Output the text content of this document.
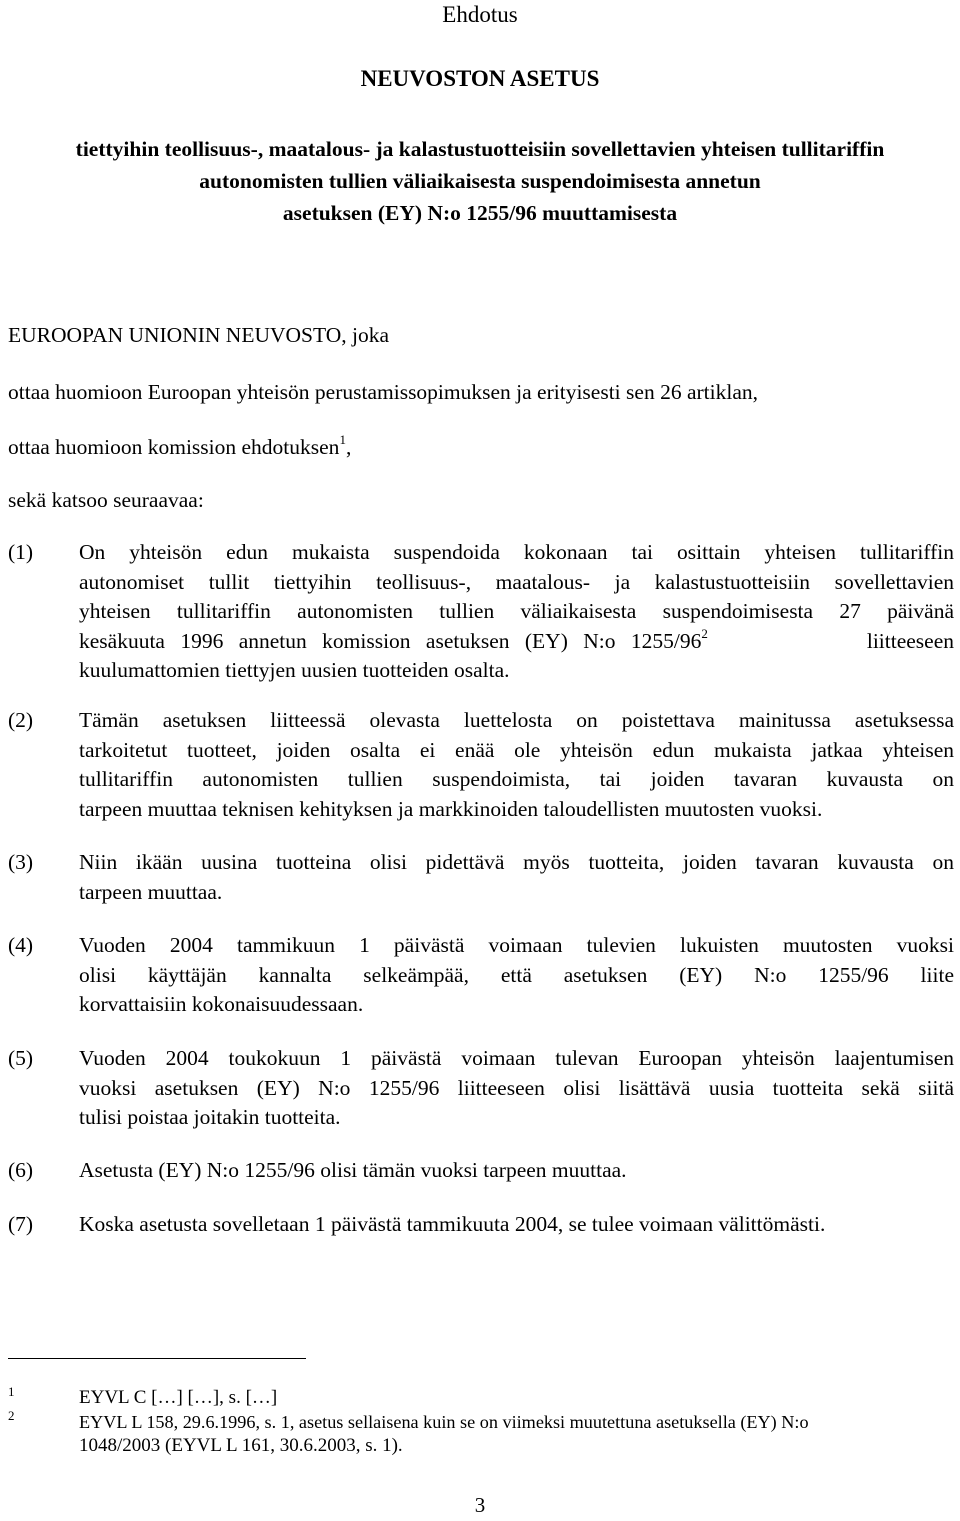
Ehdotus
NEUVOSTON ASETUS
tiettyihin teollisuus-, maatalous- ja kalastustuotteisiin sovellettavien yhteisen tullitariffin
autonomisten tullien väliaikaisesta suspendoimisesta annetun
asetuksen (EY) N:o 1255/96 muuttamisesta
EUROOPAN UNIONIN NEUVOSTO, joka
ottaa huomioon Euroopan yhteisön perustamissopimuksen ja erityisesti sen 26 artiklan,
ottaa huomioon komission ehdotuksen$^1$,
sekä katsoo seuraavaa:
(1) On yhteisön edun mukaista suspendoida kokonaan tai osittain yhteisen tullitariffin
autonomiset tullit tiettyihin teollisuus-, maatalous- ja kalastustuotteisiin sovellettavien
yhteisen tullitariffin autonomisten tullien väliaikaisesta suspendoimisesta 27 päivänä
kesäkuuta 1996 annetun komission asetuksen (EY) N:o $1255/96^2$	liitteeseen
kuulumattomien tiettyjen uusien tuotteiden osalta.
(2) Tämän asetuksen liitteessä olevasta luettelosta on poistettava mainitussa asetuksessa
tarkoitetut tuotteet, joiden osalta ei enää ole yhteisön edun mukaista jatkaa yhteisen
tullitariffin autonomisten tullien suspendoimista, tai joiden tavaran kuvausta on
tarpeen muuttaa teknisen kehityksen ja markkinoiden taloudellisten muutosten vuoksi.
(3) Niin ikään uusina tuotteina olisi pidettävä myös tuotteita, joiden tavaran kuvausta on
tarpeen muuttaa.
(4) Vuoden 2004 tammikuun 1 päivästä voimaan tulevien lukuisten muutosten vuoksi
olisi käyttäjän kannalta selkeämpää, että asetuksen (EY) N:o 1255/96 liite
korvattaisiin kokonaisuudessaan.
(5) Vuoden 2004 toukokuun 1 päivästä voimaan tulevan Euroopan yhteisön laajentumisen
vuoksi asetuksen (EY) N:o 1255/96 liitteeseen olisi lisättävä uusia tuotteita sekä siitä
tulisi poistaa joitakin tuotteita.
(6) Asetusta (EY) N:o 1255/96 olisi tämän vuoksi tarpeen muuttaa.
(7) Koska asetusta sovelletaan 1 päivästä tammikuuta 2004, se tulee voimaan välittömästi.
1	EYVL C […] […], s. […]
2	EYVL L 158, 29.6.1996, s. 1, asetus sellaisena kuin se on viimeksi muutettuna asetuksella (EY) N:o
1048/2003 (EYVL L 161, 30.6.2003, s. 1).
3
